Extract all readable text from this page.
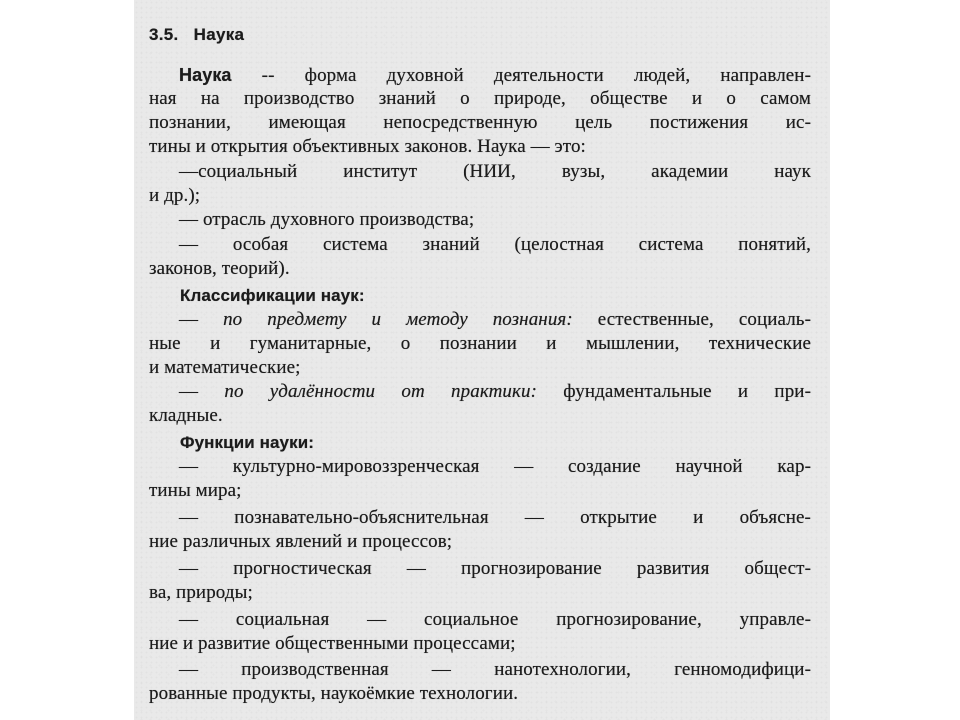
3.5. Наука
Наука -- форма духовной деятельности людей, направлен-
ная на производство знаний о природе, обществе и о самом
познании, имеющая непосредственную цель постижения ис-
тины и открытия объективных законов. Наука — это:
—социальный институт (НИИ, вузы, академии наук
и др.);
— отрасль духовного производства;
— особая система знаний (целостная система понятий,
законов, теорий).
Классификации наук:
— по предмету и методу познания: естественные, социаль-
ные и гуманитарные, о познании и мышлении, технические
и математические;
— по удалённости от практики: фундаментальные и при-
кладные.
Функции науки:
— культурно-мировоззренческая — создание научной кар-
тины мира;
— познавательно-объяснительная — открытие и объясне-
ние различных явлений и процессов;
— прогностическая — прогнозирование развития общест-
ва, природы;
— социальная — социальное прогнозирование, управле-
ние и развитие общественными процессами;
— производственная — нанотехнологии, генномодифици-
рованные продукты, наукоёмкие технологии.
